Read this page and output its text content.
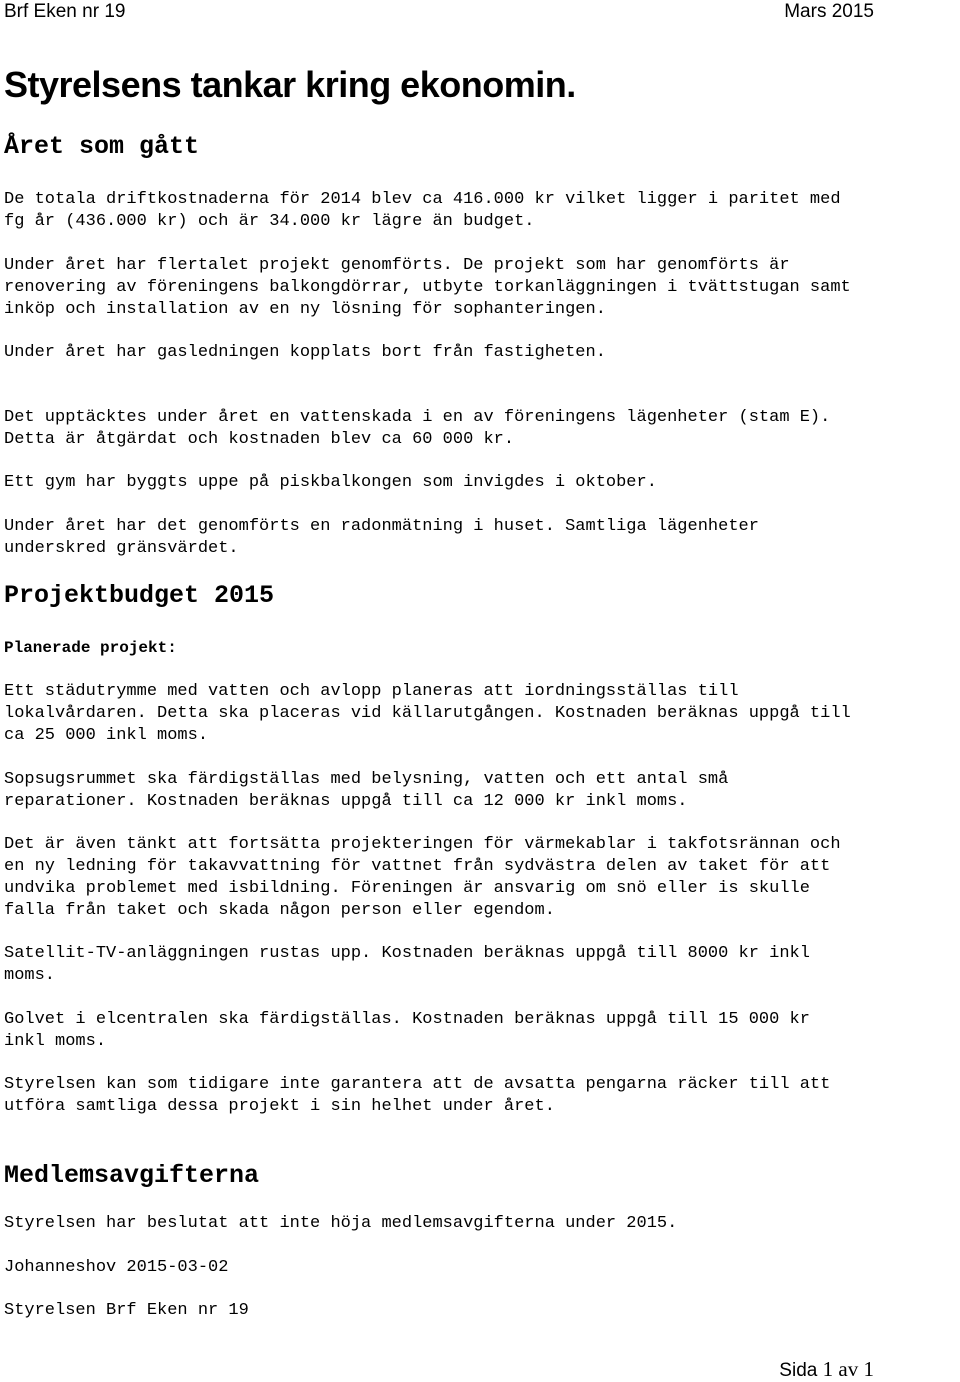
Brf Eken nr 19	Mars 2015
Styrelsens tankar kring ekonomin.
Året som gått

De totala driftkostnaderna för 2014 blev ca 416.000 kr vilket ligger i paritet med
fg år (436.000 kr) och är 34.000 kr lägre än budget.

Under året har flertalet projekt genomförts. De projekt som har genomförts är
renovering av föreningens balkongdörrar, utbyte torkanläggningen i tvättstugan samt
inköp och installation av en ny lösning för sophanteringen.

Under året har gasledningen kopplats bort från fastigheten.

Det upptäcktes under året en vattenskada i en av föreningens lägenheter (stam E).
Detta är åtgärdat och kostnaden blev ca 60 000 kr.

Ett gym har byggts uppe på piskbalkongen som invigdes i oktober.

Under året har det genomförts en radonmätning i huset. Samtliga lägenheter
underskred gränsvärdet.

Projektbudget 2015
Planerade projekt:

Ett städutrymme med vatten och avlopp planeras att iordningsställas till
lokalvårdaren. Detta ska placeras vid källarutgången. Kostnaden beräknas uppgå till
ca 25 000 inkl moms.

Sopsugsrummet ska färdigställas med belysning, vatten och ett antal små
reparationer. Kostnaden beräknas uppgå till ca 12 000 kr inkl moms.

Det är även tänkt att fortsätta projekteringen för värmekablar i takfotsrännan och
en ny ledning för takavvattning för vattnet från sydvästra delen av taket för att
undvika problemet med isbildning. Föreningen är ansvarig om snö eller is skulle
falla från taket och skada någon person eller egendom.

Satellit-TV-anläggningen rustas upp. Kostnaden beräknas uppgå till 8000 kr inkl
moms.

Golvet i elcentralen ska färdigställas. Kostnaden beräknas uppgå till 15 000 kr
inkl moms.

Styrelsen kan som tidigare inte garantera att de avsatta pengarna räcker till att
utföra samtliga dessa projekt i sin helhet under året.

Medlemsavgifterna

Styrelsen har beslutat att inte höja medlemsavgifterna under 2015.

Johanneshov 2015-03-02

Styrelsen Brf Eken nr 19

Sida 1 av 1
